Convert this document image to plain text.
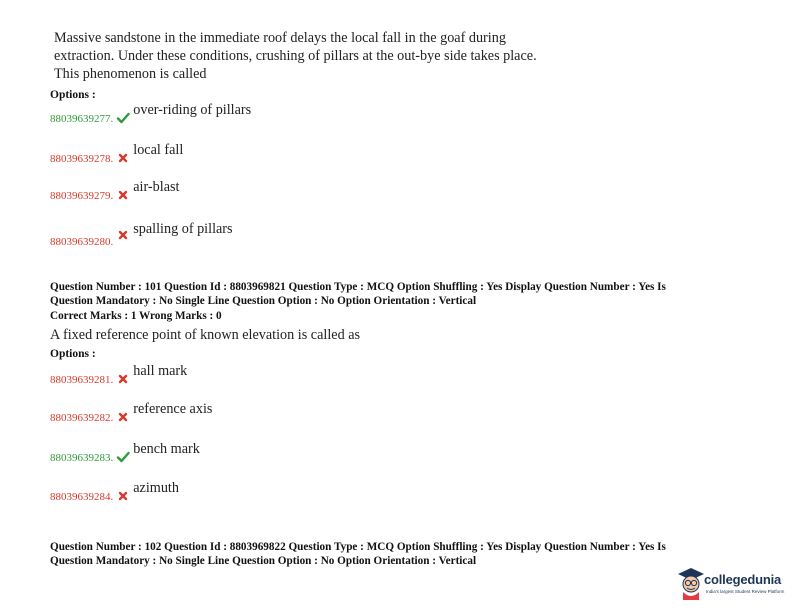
Massive sandstone in the immediate roof delays the local fall in the goaf during
extraction. Under these conditions, crushing of pillars at the out-bye side takes place.
This phenomenon is called
Options :
88039639277.
over-riding of pillars
88039639278.
local fall
88039639279.
air-blast
88039639280.
spalling of pillars
Question Number : 101 Question Id : 8803969821 Question Type : MCQ Option Shuffling : Yes Display Question Number : Yes Is
Question Mandatory : No Single Line Question Option : No Option Orientation : Vertical
Correct Marks : 1 Wrong Marks : 0
A fixed reference point of known elevation is called as
Options :
88039639281.
hall mark
88039639282.
reference axis
88039639283.
bench mark
88039639284.
azimuth
Question Number : 102 Question Id : 8803969822 Question Type : MCQ Option Shuffling : Yes Display Question Number : Yes Is
Question Mandatory : No Single Line Question Option : No Option Orientation : Vertical
collegedunia
India's largest Student Review Platform
